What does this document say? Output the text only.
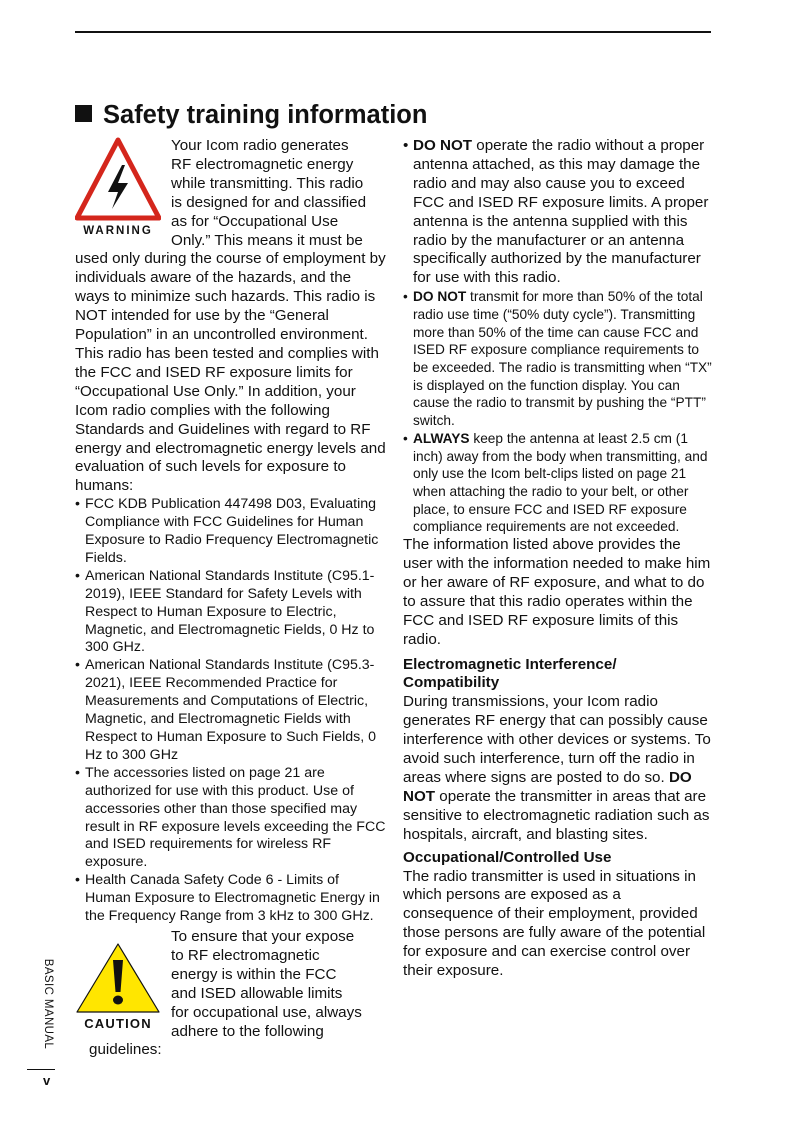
Safety training information
WARNING

Your Icom radio generates
RF electromagnetic energy
while transmitting. This radio
is designed for and classified
as for “Occupational Use
Only.” This means it must be used only during the course of employment by individuals aware of the hazards, and the ways to minimize such hazards. This radio is NOT intended for use by the “General Population” in an uncontrolled environment. This radio has been tested and complies with the FCC and ISED RF exposure limits for “Occupational Use Only.” In addition, your Icom radio complies with the following Standards and Guidelines with regard to RF energy and electromagnetic energy levels and evaluation of such levels for exposure to humans:

• FCC KDB Publication 447498 D03, Evaluating Compliance with FCC Guidelines for Human Exposure to Radio Frequency Electromagnetic Fields.

• American National Standards Institute (C95.1-2019), IEEE Standard for Safety Levels with Respect to Human Exposure to Electric, Magnetic, and Electromagnetic Fields, 0 Hz to 300 GHz.

• American National Standards Institute (C95.3-2021), IEEE Recommended Practice for Measurements and Computations of Electric, Magnetic, and Electromagnetic Fields with Respect to Human Exposure to Such Fields, 0 Hz to 300 GHz

• The accessories listed on page 21 are authorized for use with this product. Use of accessories other than those specified may result in RF exposure levels exceeding the FCC and ISED requirements for wireless RF exposure.

• Health Canada Safety Code 6 - Limits of Human Exposure to Electromagnetic Energy in the Frequency Range from 3 kHz to 300 GHz.

CAUTION

To ensure that your expose
to RF electromagnetic
energy is within the FCC
and ISED allowable limits
for occupational use, always
adhere to the following
guidelines:

• DO NOT operate the radio without a proper antenna attached, as this may damage the radio and may also cause you to exceed FCC and ISED RF exposure limits. A proper antenna is the antenna supplied with this radio by the manufacturer or an antenna specifically authorized by the manufacturer for use with this radio.

• DO NOT transmit for more than 50% of the total radio use time (“50% duty cycle”). Transmitting more than 50% of the time can cause FCC and ISED RF exposure compliance requirements to be exceeded. The radio is transmitting when “TX” is displayed on the function display. You can cause the radio to transmit by pushing the “PTT” switch.

• ALWAYS keep the antenna at least 2.5 cm (1 inch) away from the body when transmitting, and only use the Icom belt-clips listed on page 21 when attaching the radio to your belt, or other place, to ensure FCC and ISED RF exposure compliance requirements are not exceeded.

The information listed above provides the user with the information needed to make him or her aware of RF exposure, and what to do to assure that this radio operates within the FCC and ISED RF exposure limits of this radio.

Electromagnetic Interference/ Compatibility

During transmissions, your Icom radio generates RF energy that can possibly cause interference with other devices or systems. To avoid such interference, turn off the radio in areas where signs are posted to do so. DO NOT operate the transmitter in areas that are sensitive to electromagnetic radiation such as hospitals, aircraft, and blasting sites.

Occupational/Controlled Use

The radio transmitter is used in situations in which persons are exposed as a consequence of their employment, provided those persons are fully aware of the potential for exposure and can exercise control over their exposure.

BASIC MANUAL
v
